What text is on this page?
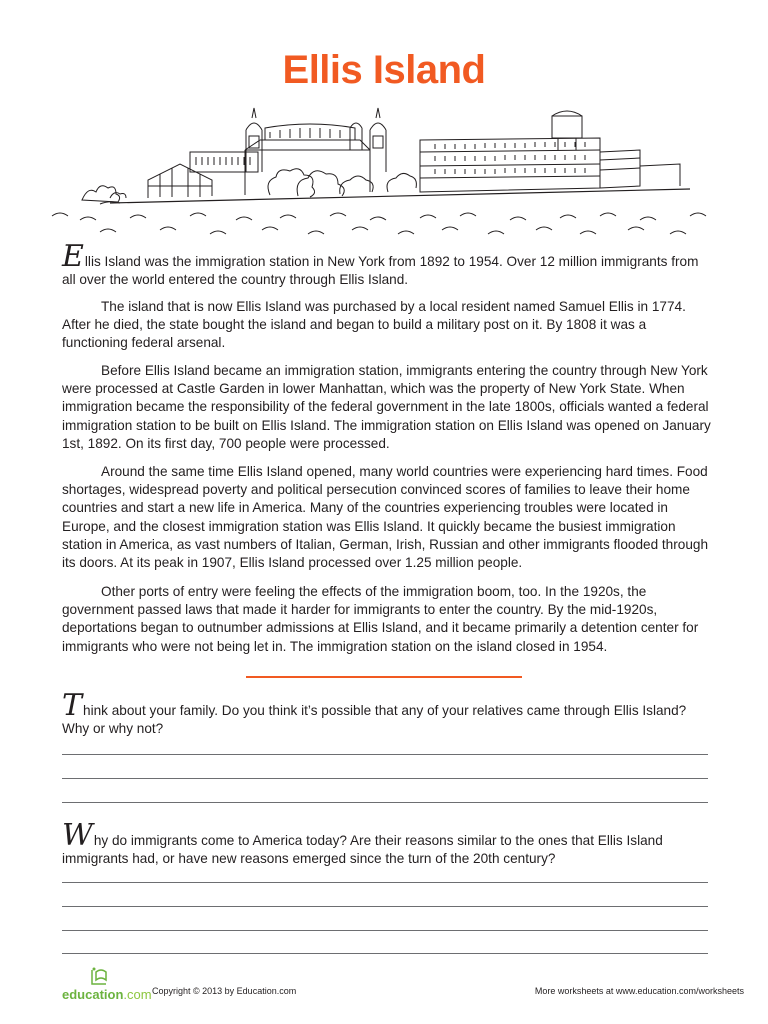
Ellis Island

Ellis Island was the immigration station in New York from 1892 to 1954. Over 12 million immigrants from all over the world entered the country through Ellis Island.

The island that is now Ellis Island was purchased by a local resident named Samuel Ellis in 1774. After he died, the state bought the island and began to build a military post on it. By 1808 it was a functioning federal arsenal.

Before Ellis Island became an immigration station, immigrants entering the country through New York were processed at Castle Garden in lower Manhattan, which was the property of New York State. When immigration became the responsibility of the federal government in the late 1800s, officials wanted a federal immigration station to be built on Ellis Island. The immigration station on Ellis Island was opened on January 1st, 1892. On its first day, 700 people were processed.

Around the same time Ellis Island opened, many world countries were experiencing hard times. Food shortages, widespread poverty and political persecution convinced scores of families to leave their home countries and start a new life in America. Many of the countries experiencing troubles were located in Europe, and the closest immigration station was Ellis Island. It quickly became the busiest immigration station in America, as vast numbers of Italian, German, Irish, Russian and other immigrants flooded through its doors. At its peak in 1907, Ellis Island processed over 1.25 million people.

Other ports of entry were feeling the effects of the immigration boom, too. In the 1920s, the government passed laws that made it harder for immigrants to enter the country. By the mid-1920s, deportations began to outnumber admissions at Ellis Island, and it became primarily a detention center for immigrants who were not being let in. The immigration station on the island closed in 1954.

Think about your family. Do you think it’s possible that any of your relatives came through Ellis Island? Why or why not?

Why do immigrants come to America today? Are their reasons similar to the ones that Ellis Island immigrants had, or have new reasons emerged since the turn of the 20th century?

education.com Copyright © 2013 by Education.com	More worksheets at www.education.com/worksheets
